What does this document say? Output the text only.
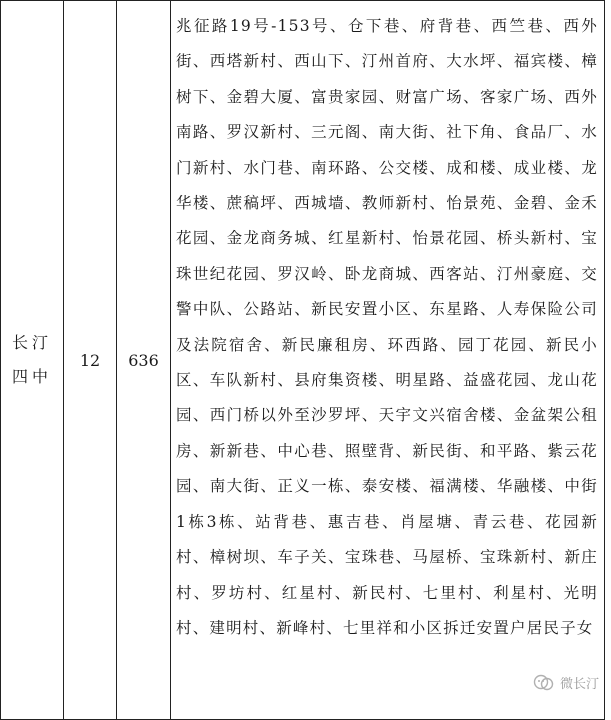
长汀
四中
	12	636	兆征路19号-153号、仓下巷、府背巷、西竺巷、西外街、西塔新村、西山下、汀州首府、大水坪、福宾楼、樟树下、金碧大厦、富贵家园、财富广场、客家广场、西外南路、罗汉新村、三元阁、南大街、社下角、食品厂、水门新村、水门巷、南环路、公交楼、成和楼、成业楼、龙华楼、蔗稿坪、西城墙、教师新村、怡景苑、金碧、金禾花园、金龙商务城、红星新村、怡景花园、桥头新村、宝珠世纪花园、罗汉岭、卧龙商城、西客站、汀州豪庭、交警中队、公路站、新民安置小区、东星路、人寿保险公司及法院宿舍、新民廉租房、环西路、园丁花园、新民小区、车队新村、县府集资楼、明星路、益盛花园、龙山花园、西门桥以外至沙罗坪、天宇文兴宿舍楼、金盆架公租房、新新巷、中心巷、照壁背、新民街、和平路、紫云花园、南大街、正义一栋、泰安楼、福满楼、华融楼、中街1栋3栋、站背巷、惠吉巷、肖屋塘、青云巷、花园新村、樟树坝、车子关、宝珠巷、马屋桥、宝珠新村、新庄村、罗坊村、红星村、新民村、七里村、利星村、光明村、建明村、新峰村、七里祥和小区拆迁安置户居民子女
微长汀
